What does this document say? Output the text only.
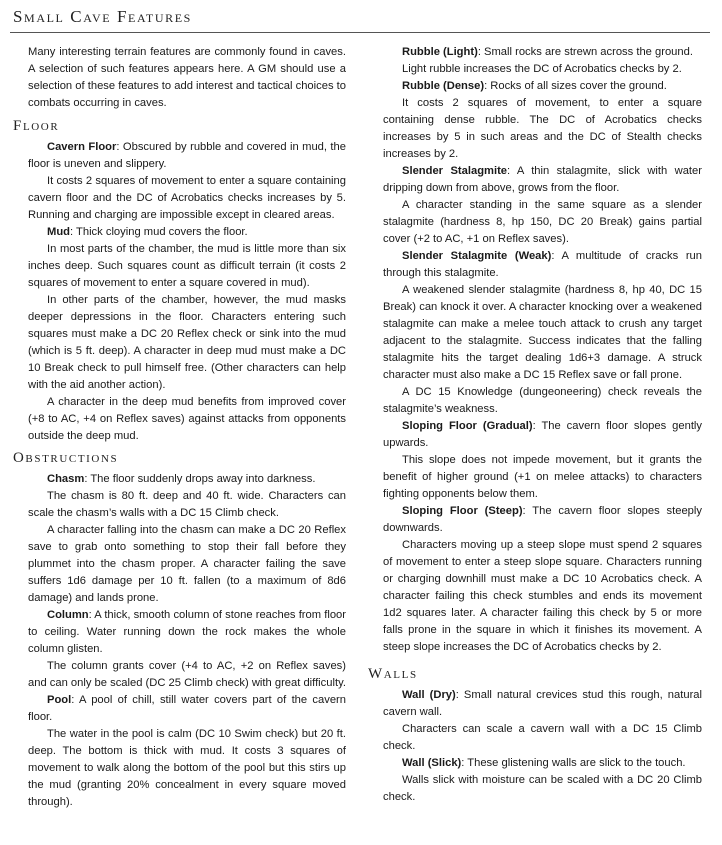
Small Cave Features

Many interesting terrain features are commonly found in caves. A selection of such features appears here. A GM should use a selection of these features to add interest and tactical choices to combats occurring in caves.

Floor

Cavern Floor: Obscured by rubble and covered in mud, the floor is uneven and slippery.

It costs 2 squares of movement to enter a square containing cavern floor and the DC of Acrobatics checks increases by 5. Running and charging are impossible except in cleared areas.

Mud: Thick cloying mud covers the floor.

In most parts of the chamber, the mud is little more than six inches deep. Such squares count as difficult terrain (it costs 2 squares of movement to enter a square covered in mud).

In other parts of the chamber, however, the mud masks deeper depressions in the floor. Characters entering such squares must make a DC 20 Reflex check or sink into the mud (which is 5 ft. deep). A character in deep mud must make a DC 10 Break check to pull himself free. (Other characters can help with the aid another action).

A character in the deep mud benefits from improved cover (+8 to AC, +4 on Reflex saves) against attacks from opponents outside the deep mud.

Obstructions

Chasm: The floor suddenly drops away into darkness.

The chasm is 80 ft. deep and 40 ft. wide. Characters can scale the chasm’s walls with a DC 15 Climb check.

A character falling into the chasm can make a DC 20 Reflex save to grab onto something to stop their fall before they plummet into the chasm proper. A character failing the save suffers 1d6 damage per 10 ft. fallen (to a maximum of 8d6 damage) and lands prone.

Column: A thick, smooth column of stone reaches from floor to ceiling. Water running down the rock makes the whole column glisten.

The column grants cover (+4 to AC, +2 on Reflex saves) and can only be scaled (DC 25 Climb check) with great difficulty.

Pool: A pool of chill, still water covers part of the cavern floor.

The water in the pool is calm (DC 10 Swim check) but 20 ft. deep. The bottom is thick with mud. It costs 3 squares of movement to walk along the bottom of the pool but this stirs up the mud (granting 20% concealment in every square moved through).

Rubble (Light): Small rocks are strewn across the ground.

Light rubble increases the DC of Acrobatics checks by 2.

Rubble (Dense): Rocks of all sizes cover the ground.

It costs 2 squares of movement, to enter a square containing dense rubble. The DC of Acrobatics checks increases by 5 in such areas and the DC of Stealth checks increases by 2.

Slender Stalagmite: A thin stalagmite, slick with water dripping down from above, grows from the floor.

A character standing in the same square as a slender stalagmite (hardness 8, hp 150, DC 20 Break) gains partial cover (+2 to AC, +1 on Reflex saves).

Slender Stalagmite (Weak): A multitude of cracks run through this stalagmite.

A weakened slender stalagmite (hardness 8, hp 40, DC 15 Break) can knock it over. A character knocking over a weakened stalagmite can make a melee touch attack to crush any target adjacent to the stalagmite. Success indicates that the falling stalagmite hits the target dealing 1d6+3 damage. A struck character must also make a DC 15 Reflex save or fall prone.

A DC 15 Knowledge (dungeoneering) check reveals the stalagmite’s weakness.

Sloping Floor (Gradual): The cavern floor slopes gently upwards.

This slope does not impede movement, but it grants the benefit of higher ground (+1 on melee attacks) to characters fighting opponents below them.

Sloping Floor (Steep): The cavern floor slopes steeply downwards.

Characters moving up a steep slope must spend 2 squares of movement to enter a steep slope square. Characters running or charging downhill must make a DC 10 Acrobatics check. A character failing this check stumbles and ends its movement 1d2 squares later. A character failing this check by 5 or more falls prone in the square in which it finishes its movement. A steep slope increases the DC of Acrobatics checks by 2.

Walls

Wall (Dry): Small natural crevices stud this rough, natural cavern wall.

Characters can scale a cavern wall with a DC 15 Climb check.

Wall (Slick): These glistening walls are slick to the touch.

Walls slick with moisture can be scaled with a DC 20 Climb check.
